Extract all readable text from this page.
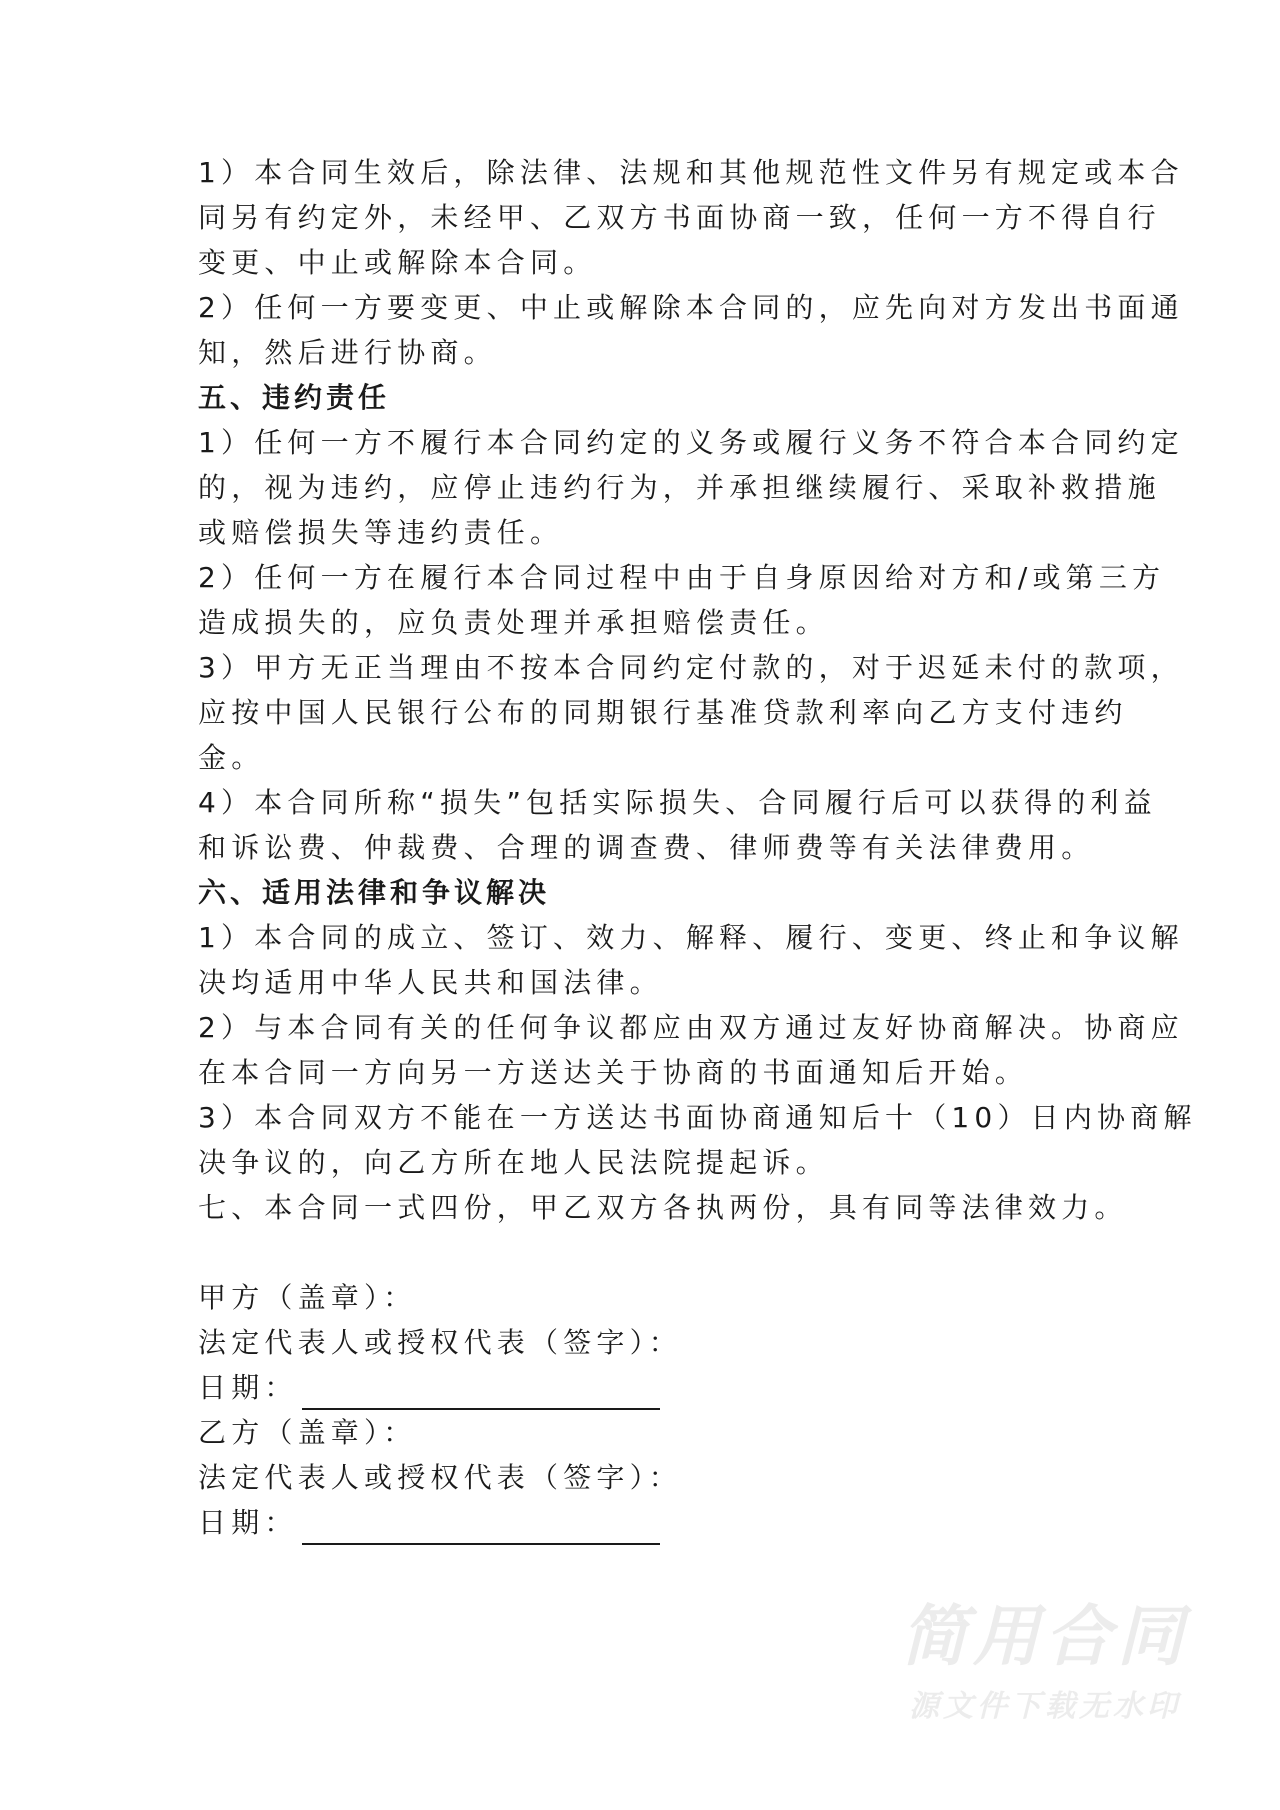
1）本合同生效后，除法律、法规和其他规范性文件另有规定或本合
同另有约定外，未经甲、乙双方书面协商一致，任何一方不得自行
变更、中止或解除本合同。
2）任何一方要变更、中止或解除本合同的，应先向对方发出书面通
知，然后进行协商。
五、违约责任
1）任何一方不履行本合同约定的义务或履行义务不符合本合同约定
的，视为违约，应停止违约行为，并承担继续履行、采取补救措施
或赔偿损失等违约责任。
2）任何一方在履行本合同过程中由于自身原因给对方和/或第三方
造成损失的，应负责处理并承担赔偿责任。
3）甲方无正当理由不按本合同约定付款的，对于迟延未付的款项，
应按中国人民银行公布的同期银行基准贷款利率向乙方支付违约
金。
4）本合同所称“损失”包括实际损失、合同履行后可以获得的利益
和诉讼费、仲裁费、合理的调查费、律师费等有关法律费用。
六、适用法律和争议解决
1）本合同的成立、签订、效力、解释、履行、变更、终止和争议解
决均适用中华人民共和国法律。
2）与本合同有关的任何争议都应由双方通过友好协商解决。协商应
在本合同一方向另一方送达关于协商的书面通知后开始。
3）本合同双方不能在一方送达书面协商通知后十（10）日内协商解
决争议的，向乙方所在地人民法院提起诉。
七、本合同一式四份，甲乙双方各执两份，具有同等法律效力。
甲方（盖章）：
法定代表人或授权代表（签字）：
日期：
乙方（盖章）：
法定代表人或授权代表（签字）：
日期：
简用合同
源文件下载无水印
